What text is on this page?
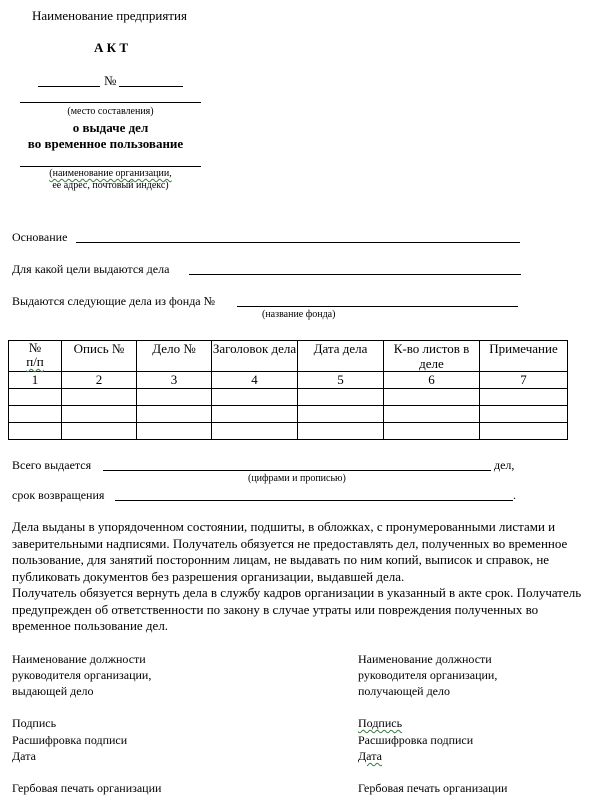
Наименование предприятия
А К Т
№
(место составления)
о выдаче дел
во временное пользование
(наименование организации,
ее адрес, почтовый индекс)
Основание
Для какой цели выдаются дела
Выдаются следующие дела из фонда №
(название фонда)
№
п/п	Опись №	Дело №	Заголовок дела	Дата дела	К-во листов в деле	Примечание
1	2	3	4	5	6	7

Всего выдается	дел,
(цифрами и прописью)
срок возвращения	.
Дела выданы в упорядоченном состоянии, подшиты, в обложках, с пронумерованными листами и заверительными надписями. Получатель обязуется не предоставлять дел, полученных во временное пользование, для занятий посторонним лицам, не выдавать по ним копий, выписок и справок, не публиковать документов без разрешения организации, выдавшей дела.
Получатель обязуется вернуть дела в службу кадров организации в указанный в акте срок. Получатель предупрежден об ответственности по закону в случае утраты или повреждения полученных во временное пользование дел.
Наименование должности
руководителя организации,
выдающей дело
Подпись
Расшифровка подписи
Дата
Гербовая печать организации
Наименование должности
руководителя организации,
получающей дело
Подпись
Расшифровка подписи
Дата
Гербовая печать организации
